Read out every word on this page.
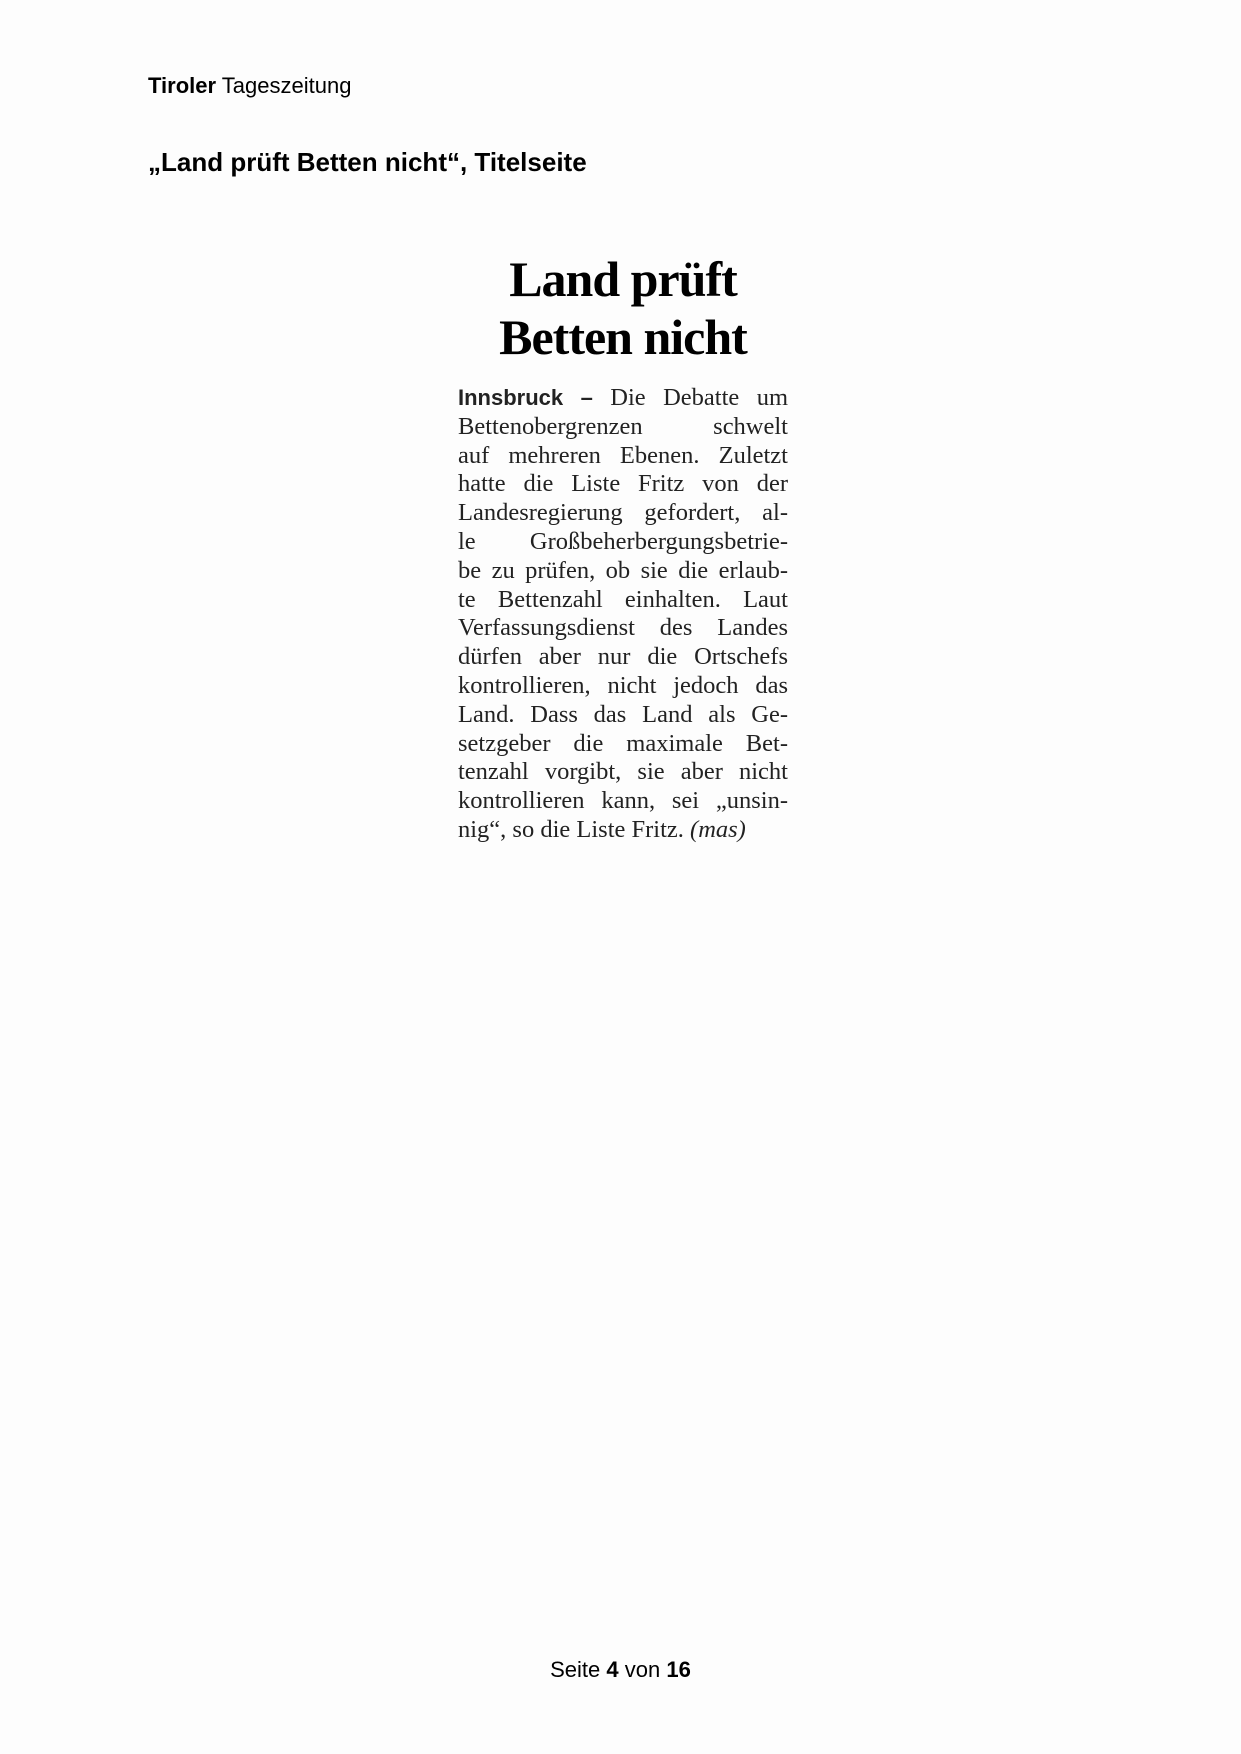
Tiroler Tageszeitung
„Land prüft Betten nicht“, Titelseite
Land prüft
Betten nicht
Innsbruck – Die Debatte um
Bettenobergrenzen schwelt
auf mehreren Ebenen. Zuletzt
hatte die Liste Fritz von der
Landesregierung gefordert, al-
le Großbeherbergungsbetrie-
be zu prüfen, ob sie die erlaub-
te Bettenzahl einhalten. Laut
Verfassungsdienst des Landes
dürfen aber nur die Ortschefs
kontrollieren, nicht jedoch das
Land. Dass das Land als Ge-
setzgeber die maximale Bet-
tenzahl vorgibt, sie aber nicht
kontrollieren kann, sei „unsin-
nig“, so die Liste Fritz. (mas)
Seite 4 von 16
